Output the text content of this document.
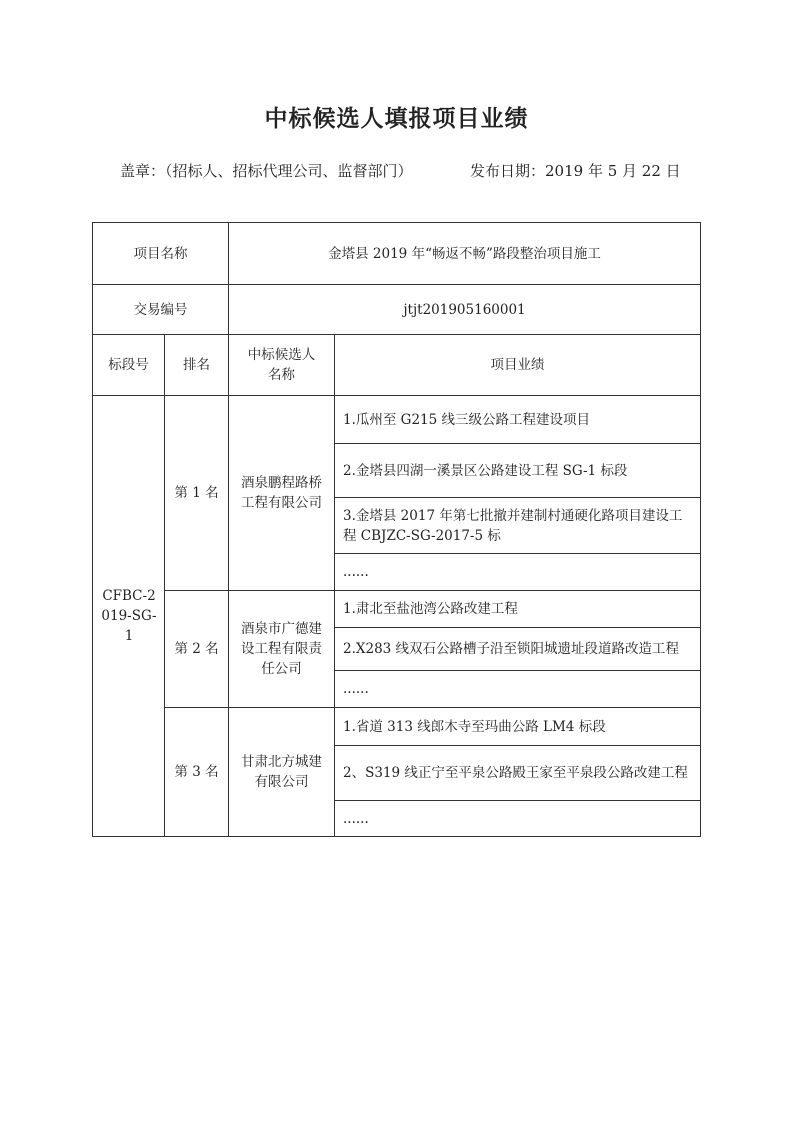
中标候选人填报项目业绩
盖章：（招标人、招标代理公司、监督部门）	发布日期：2019 年 5 月 22 日
项目名称		金塔县 2019 年“畅返不畅”路段整治项目施工	
交易编号		jtjt201905160001	
标段号	排名	中标候选人名称	项目业绩
CFBC-2019-SG-1	第 1 名	酒泉鹏程路桥工程有限公司	1.瓜州至 G215 线三级公路工程建设项目
			2.金塔县四湖一溪景区公路建设工程 SG-1 标段
			3.金塔县 2017 年第七批撤并建制村通硬化路项目建设工程 CBJZC-SG-2017-5 标
			......
	第 2 名	酒泉市广德建设工程有限责任公司	1.肃北至盐池湾公路改建工程
			2.X283 线双石公路槽子沿至锁阳城遗址段道路改造工程
			......
	第 3 名	甘肃北方城建有限公司	1.省道 313 线郎木寺至玛曲公路 LM4 标段
			2、S319 线正宁至平泉公路殿王家至平泉段公路改建工程
			......
